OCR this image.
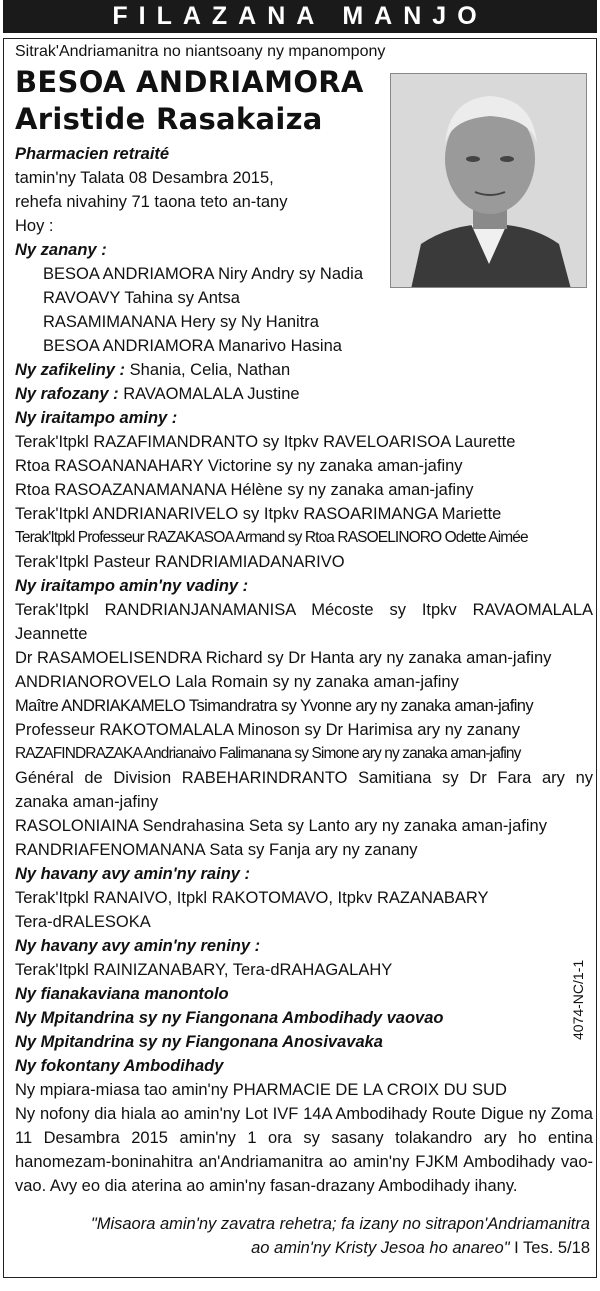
FILAZANA MANJO
Sitrak'Andriamanitra no niantsoany ny mpanompony
BESOA ANDRIAMORA
Aristide Rasakaiza
Pharmacien retraité
tamin'ny Talata 08 Desambra 2015,
rehefa nivahiny 71 taona teto an-tany
Hoy :
Ny zanany :
BESOA ANDRIAMORA Niry Andry sy Nadia
RAVOAVY Tahina sy Antsa
RASAMIMANANA Hery sy Ny Hanitra
BESOA ANDRIAMORA Manarivo Hasina
Ny zafikeliny : Shania, Celia, Nathan
Ny rafozany : RAVAOMALALA Justine
Ny iraitampo aminy :
Terak'Itpkl RAZAFIMANDRANTO sy Itpkv RAVELOARISOA Laurette
Rtoa RASOANANAHARY Victorine sy ny zanaka aman-jafiny
Rtoa RASOAZANAMANANA Hélène sy ny zanaka aman-jafiny
Terak'Itpkl ANDRIANARIVELO sy Itpkv RASOARIMANGA Mariette
Terak'Itpkl Professeur RAZAKASOA Armand sy Rtoa RASOELINORO Odette Aimée
Terak'Itpkl Pasteur RANDRIAMIADANARIVO
Ny iraitampo amin'ny vadiny :
Terak'Itpkl RANDRIANJANAMANISA Mécoste sy Itpkv RAVAOMALALA Jeannette
Dr RASAMOELISENDRA Richard sy Dr Hanta ary ny zanaka aman-jafiny
ANDRIANOROVELO Lala Romain sy ny zanaka aman-jafiny
Maître ANDRIAKAMELO Tsimandratra sy Yvonne ary ny zanaka aman-jafiny
Professeur RAKOTOMALALA Minoson sy Dr Harimisa ary ny zanany
RAZAFINDRAZAKA Andrianaivo Falimanana sy Simone ary ny zanaka aman-jafiny
Général de Division RABEHARINDRANTO Samitiana sy Dr Fara ary ny zanaka aman-jafiny
RASOLONIAINA Sendrahasina Seta sy Lanto ary ny zanaka aman-jafiny
RANDRIAFENOMANANA Sata sy Fanja ary ny zanany
Ny havany avy amin'ny rainy :
Terak'Itpkl RANAIVO, Itpkl RAKOTOMAVO, Itpkv RAZANABARY
Tera-dRALESOKA
Ny havany avy amin'ny reniny :
Terak'Itpkl RAINIZANABARY, Tera-dRAHAGALAHY
Ny fianakaviana manontolo
Ny Mpitandrina sy ny Fiangonana Ambodihady vaovao
Ny Mpitandrina sy ny Fiangonana Anosivavaka
Ny fokontany Ambodihady
Ny mpiara-miasa tao amin'ny PHARMACIE DE LA CROIX DU SUD
Ny nofony dia hiala ao amin'ny Lot IVF 14A Ambodihady Route Digue ny Zoma 11 Desambra 2015 amin'ny 1 ora sy sasany tolakandro ary ho entina hanomezam-boninahitra an'Andriamanitra ao amin'ny FJKM Ambodihady vao-vao. Avy eo dia aterina ao amin'ny fasan-drazany Ambodihady ihany.
"Misaora amin'ny zavatra rehetra; fa izany no sitrapon'Andriamanitra
ao amin'ny Kristy Jesoa ho anareo" I Tes. 5/18
4074-NC/1-1
